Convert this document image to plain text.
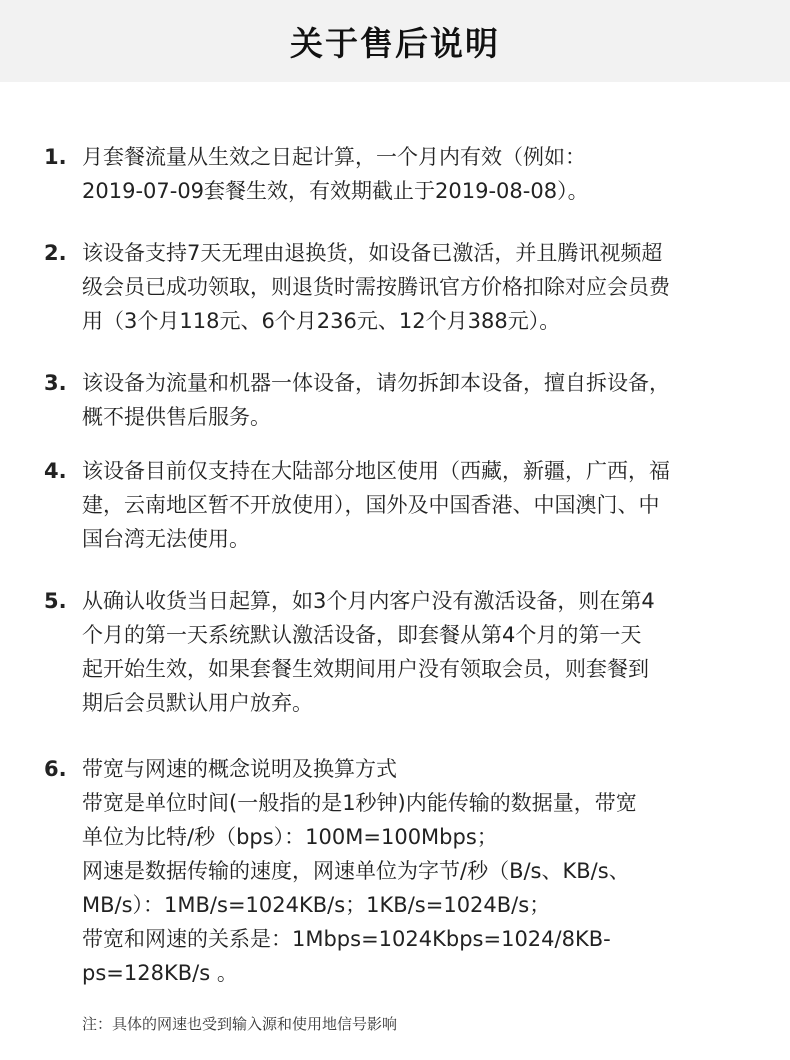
关于售后说明
1. 月套餐流量从生效之日起计算，一个月内有效（例如：
2019-07-09套餐生效，有效期截止于2019-08-08）。
2. 该设备支持7天无理由退换货，如设备已激活，并且腾讯视频超
级会员已成功领取，则退货时需按腾讯官方价格扣除对应会员费
用（3个月118元、6个月236元、12个月388元）。
3. 该设备为流量和机器一体设备，请勿拆卸本设备，擅自拆设备，
概不提供售后服务。
4. 该设备目前仅支持在大陆部分地区使用（西藏，新疆，广西，福
建，云南地区暂不开放使用），国外及中国香港、中国澳门、中
国台湾无法使用。
5. 从确认收货当日起算，如3个月内客户没有激活设备，则在第4
个月的第一天系统默认激活设备，即套餐从第4个月的第一天
起开始生效，如果套餐生效期间用户没有领取会员，则套餐到
期后会员默认用户放弃。
6. 带宽与网速的概念说明及换算方式
带宽是单位时间(一般指的是1秒钟)内能传输的数据量，带宽
单位为比特/秒（bps）：100M=100Mbps；
网速是数据传输的速度，网速单位为字节/秒（B/s、KB/s、
MB/s）：1MB/s=1024KB/s；1KB/s=1024B/s；
带宽和网速的关系是：1Mbps=1024Kbps=1024/8KB-
ps=128KB/s 。
注：具体的网速也受到输入源和使用地信号影响
